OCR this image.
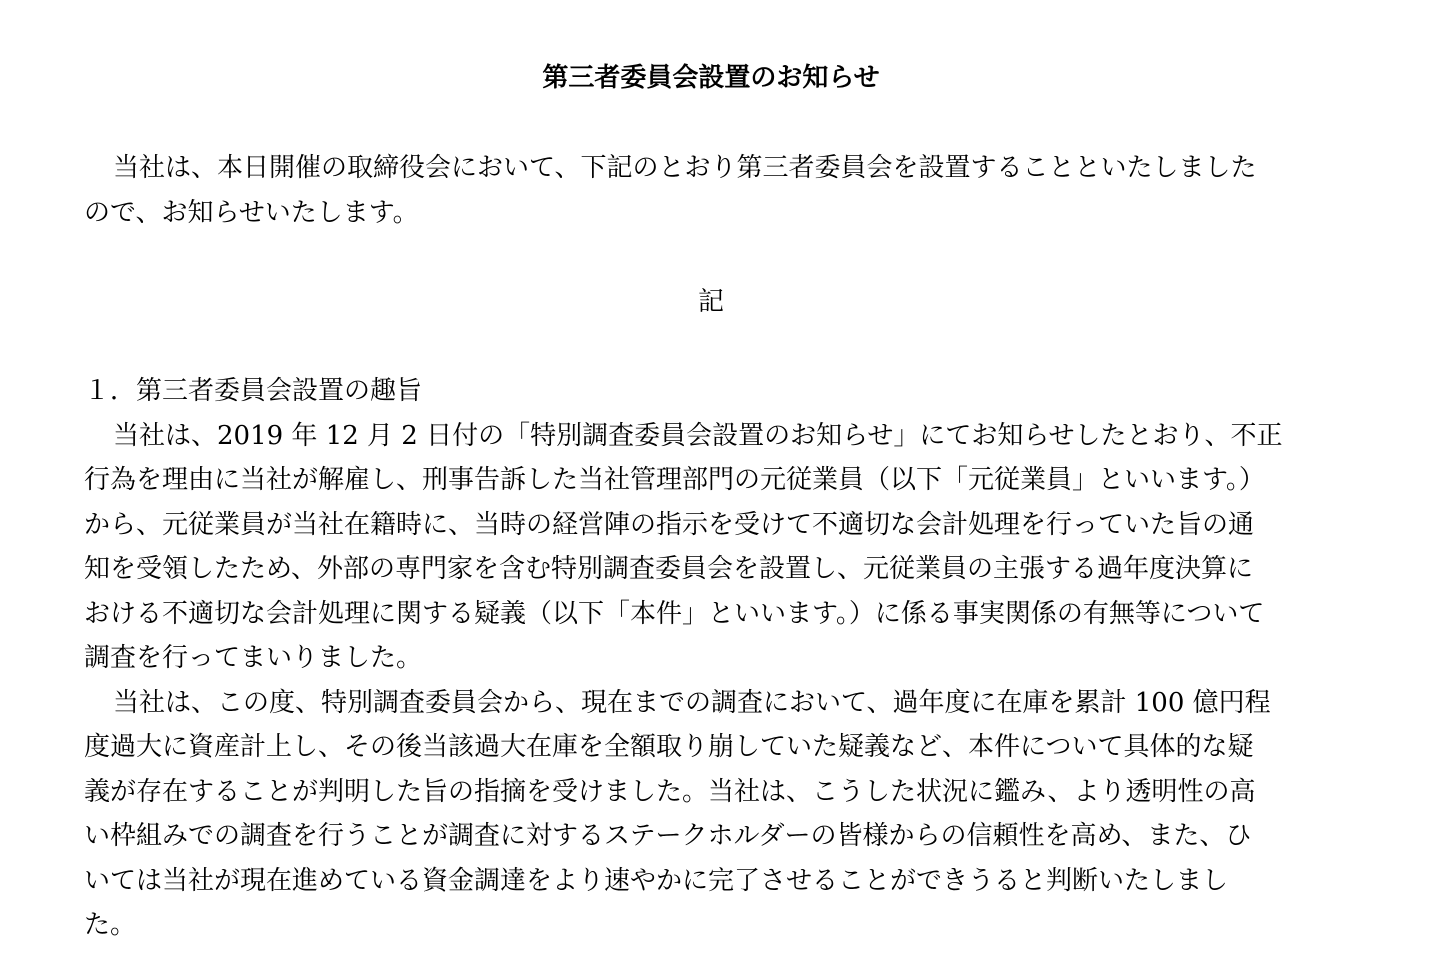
第三者委員会設置のお知らせ
当社は、本日開催の取締役会において、下記のとおり第三者委員会を設置することといたしました
ので、お知らせいたします。
記
１．第三者委員会設置の趣旨
当社は、2019 年 12 月 2 日付の「特別調査委員会設置のお知らせ」にてお知らせしたとおり、不正
行為を理由に当社が解雇し、刑事告訴した当社管理部門の元従業員（以下「元従業員」といいます。）
から、元従業員が当社在籍時に、当時の経営陣の指示を受けて不適切な会計処理を行っていた旨の通
知を受領したため、外部の専門家を含む特別調査委員会を設置し、元従業員の主張する過年度決算に
おける不適切な会計処理に関する疑義（以下「本件」といいます。）に係る事実関係の有無等について
調査を行ってまいりました。
当社は、この度、特別調査委員会から、現在までの調査において、過年度に在庫を累計 100 億円程
度過大に資産計上し、その後当該過大在庫を全額取り崩していた疑義など、本件について具体的な疑
義が存在することが判明した旨の指摘を受けました。当社は、こうした状況に鑑み、より透明性の高
い枠組みでの調査を行うことが調査に対するステークホルダーの皆様からの信頼性を高め、また、ひ
いては当社が現在進めている資金調達をより速やかに完了させることができうると判断いたしまし
た。
